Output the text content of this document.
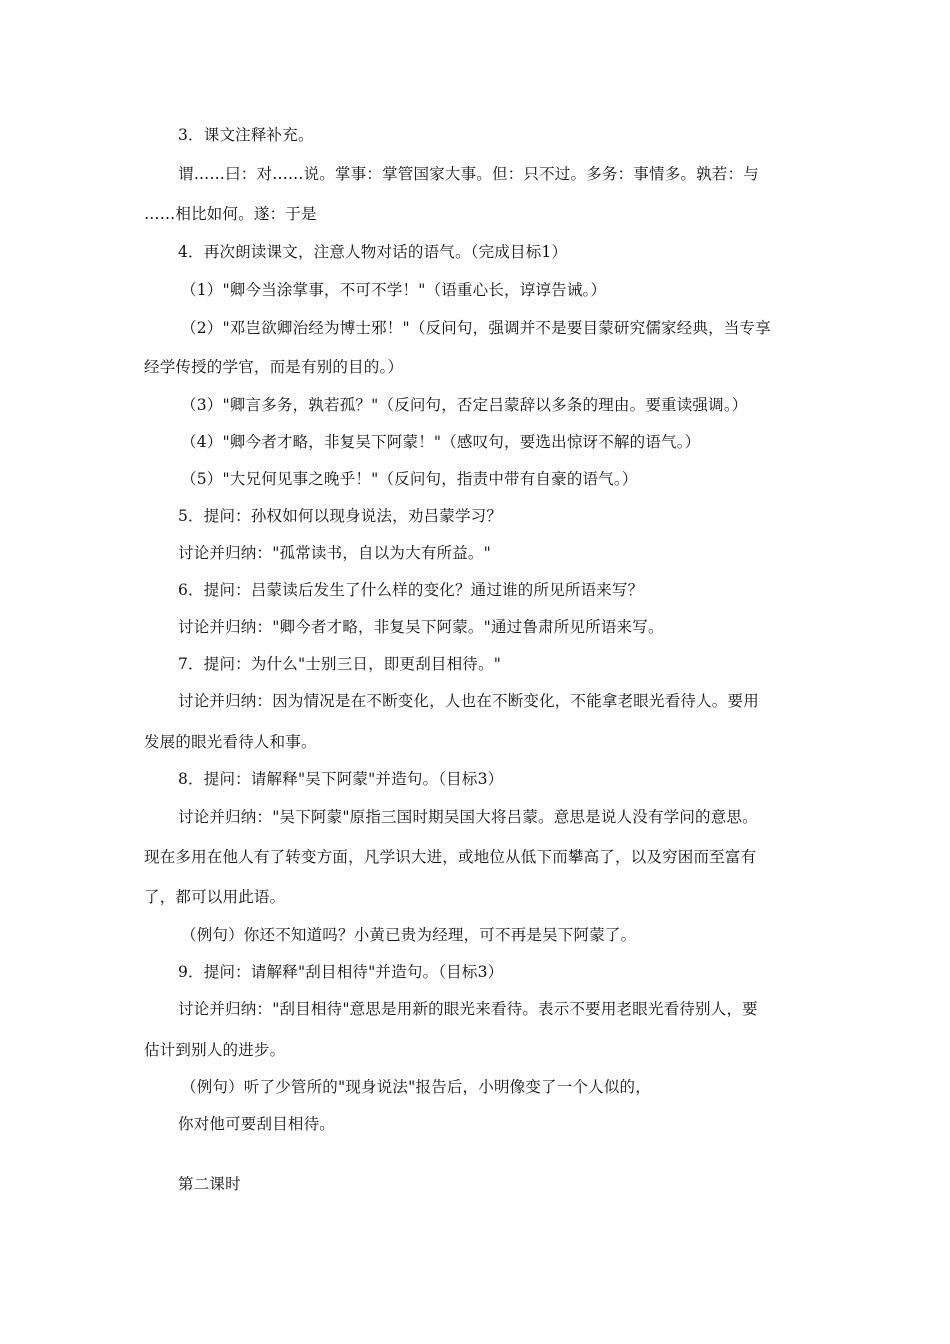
3．课文注释补充。
谓……曰：对……说。掌事：掌管国家大事。但：只不过。多务：事情多。孰若：与
……相比如何。遂：于是
4．再次朗读课文，注意人物对话的语气。（完成目标1）
（1）"卿今当涂掌事，不可不学！"（语重心长，谆谆告诫。）
（2）"邓岂欲卿治经为博士邪！"（反问句，强调并不是要目蒙研究儒家经典，当专享
经学传授的学官，而是有别的目的。）
（3）"卿言多务，孰若孤？"（反问句，否定吕蒙辞以多条的理由。要重读强调。）
（4）"卿今者才略，非复吴下阿蒙！"（感叹句，要选出惊讶不解的语气。）
（5）"大兄何见事之晚乎！"（反问句，指责中带有自豪的语气。）
5．提问：孙权如何以现身说法，劝吕蒙学习？
讨论并归纳："孤常读书，自以为大有所益。"
6．提问：吕蒙读后发生了什么样的变化？通过谁的所见所语来写？
讨论并归纳："卿今者才略，非复吴下阿蒙。"通过鲁肃所见所语来写。
7．提问：为什么"士别三日，即更刮目相待。"
讨论并归纳：因为情况是在不断变化，人也在不断变化，不能拿老眼光看待人。要用
发展的眼光看待人和事。
8．提问：请解释"吴下阿蒙"并造句。（目标3）
讨论并归纳："吴下阿蒙"原指三国时期吴国大将吕蒙。意思是说人没有学问的意思。
现在多用在他人有了转变方面，凡学识大进，或地位从低下而攀高了，以及穷困而至富有
了，都可以用此语。
（例句）你还不知道吗？小黄已贵为经理，可不再是吴下阿蒙了。
9．提问：请解释"刮目相待"并造句。（目标3）
讨论并归纳："刮目相待"意思是用新的眼光来看待。表示不要用老眼光看待别人，要
估计到别人的进步。
（例句）听了少管所的"现身说法"报告后，小明像变了一个人似的，
你对他可要刮目相待。
第二课时
